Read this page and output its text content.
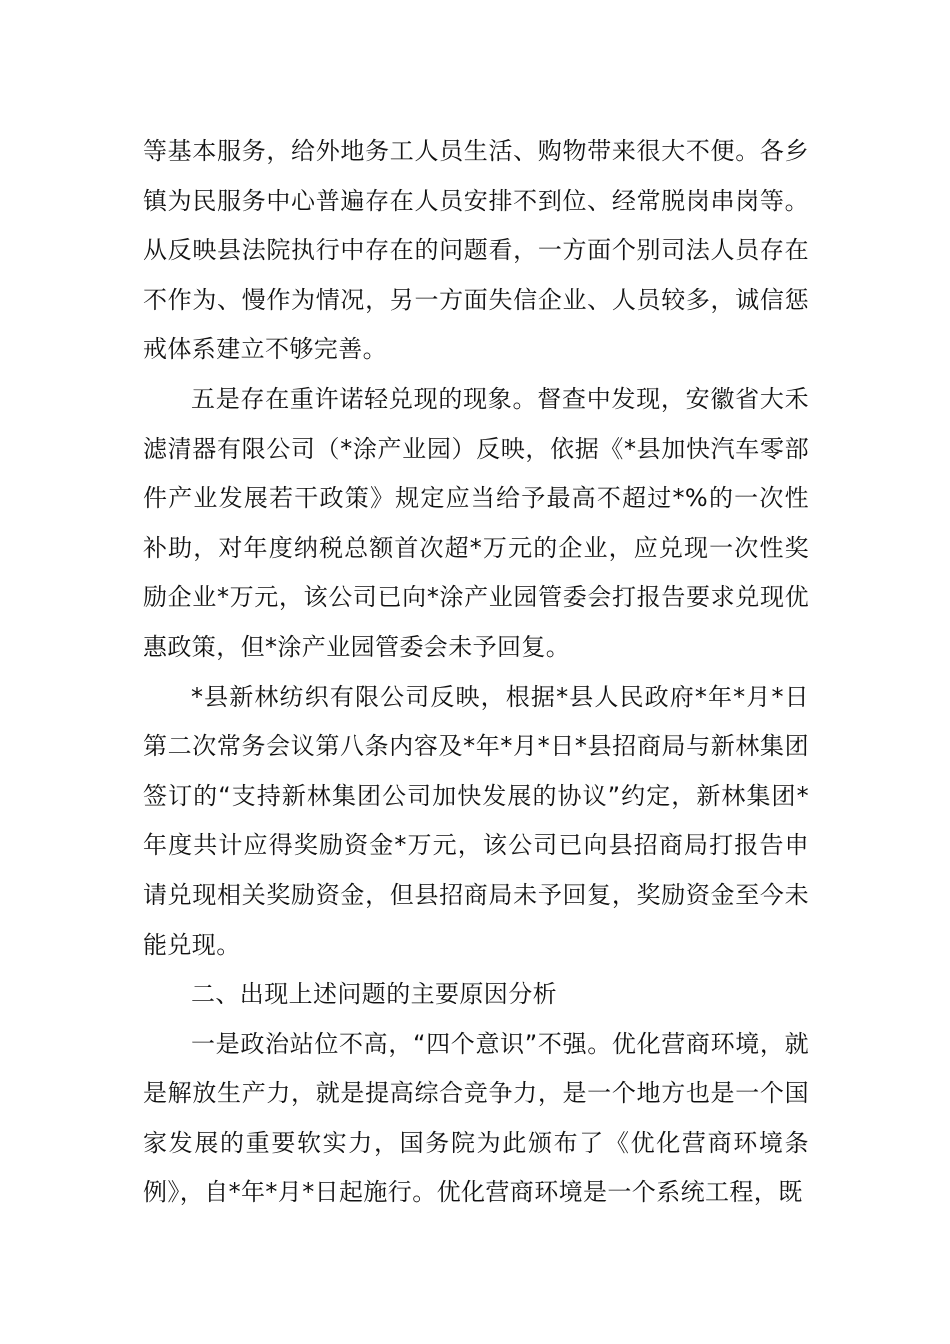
等基本服务，给外地务工人员生活、购物带来很大不便。各乡镇为民服务中心普遍存在人员安排不到位、经常脱岗串岗等。从反映县法院执行中存在的问题看，一方面个别司法人员存在不作为、慢作为情况，另一方面失信企业、人员较多，诚信惩戒体系建立不够完善。

五是存在重许诺轻兑现的现象。督查中发现，安徽省大禾滤清器有限公司（*涂产业园）反映，依据《*县加快汽车零部件产业发展若干政策》规定应当给予最高不超过*%的一次性补助，对年度纳税总额首次超*万元的企业，应兑现一次性奖励企业*万元，该公司已向*涂产业园管委会打报告要求兑现优惠政策，但*涂产业园管委会未予回复。

*县新林纺织有限公司反映，根据*县人民政府*年*月*日第二次常务会议第八条内容及*年*月*日*县招商局与新林集团签订的“支持新林集团公司加快发展的协议”约定，新林集团*年度共计应得奖励资金*万元，该公司已向县招商局打报告申请兑现相关奖励资金，但县招商局未予回复，奖励资金至今未能兑现。

二、出现上述问题的主要原因分析

一是政治站位不高，“四个意识”不强。优化营商环境，就是解放生产力，就是提高综合竞争力，是一个地方也是一个国家发展的重要软实力，国务院为此颁布了《优化营商环境条例》，自*年*月*日起施行。优化营商环境是一个系统工程，既
